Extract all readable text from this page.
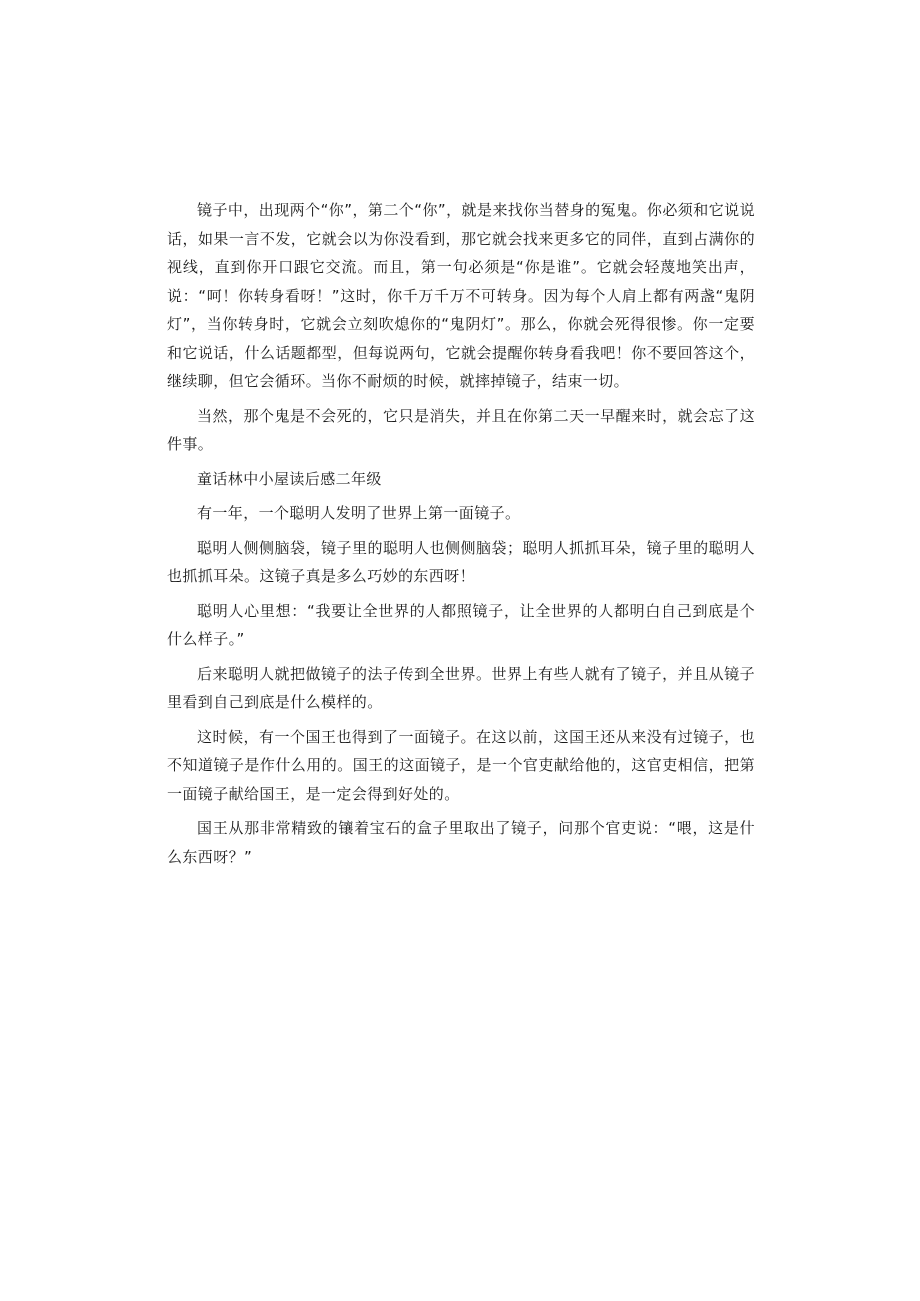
镜子中，出现两个“你”，第二个“你”，就是来找你当替身的冤鬼。你必须和它说说话，如果一言不发，它就会以为你没看到，那它就会找来更多它的同伴，直到占满你的视线，直到你开口跟它交流。而且，第一句必须是“你是谁”。它就会轻蔑地笑出声，说：“呵！你转身看呀！”这时，你千万千万不可转身。因为每个人肩上都有两盏“鬼阴灯”，当你转身时，它就会立刻吹熄你的“鬼阴灯”。那么，你就会死得很惨。你一定要和它说话，什么话题都型，但每说两句，它就会提醒你转身看我吧！你不要回答这个，继续聊，但它会循环。当你不耐烦的时候，就摔掉镜子，结束一切。

当然，那个鬼是不会死的，它只是消失，并且在你第二天一早醒来时，就会忘了这件事。

童话林中小屋读后感二年级

有一年，一个聪明人发明了世界上第一面镜子。

聪明人侧侧脑袋，镜子里的聪明人也侧侧脑袋；聪明人抓抓耳朵，镜子里的聪明人也抓抓耳朵。这镜子真是多么巧妙的东西呀！

聪明人心里想：“我要让全世界的人都照镜子，让全世界的人都明白自己到底是个什么样子。”

后来聪明人就把做镜子的法子传到全世界。世界上有些人就有了镜子，并且从镜子里看到自己到底是什么模样的。

这时候，有一个国王也得到了一面镜子。在这以前，这国王还从来没有过镜子，也不知道镜子是作什么用的。国王的这面镜子，是一个官吏献给他的，这官吏相信，把第一面镜子献给国王，是一定会得到好处的。

国王从那非常精致的镶着宝石的盒子里取出了镜子，问那个官吏说：“喂，这是什么东西呀？”
